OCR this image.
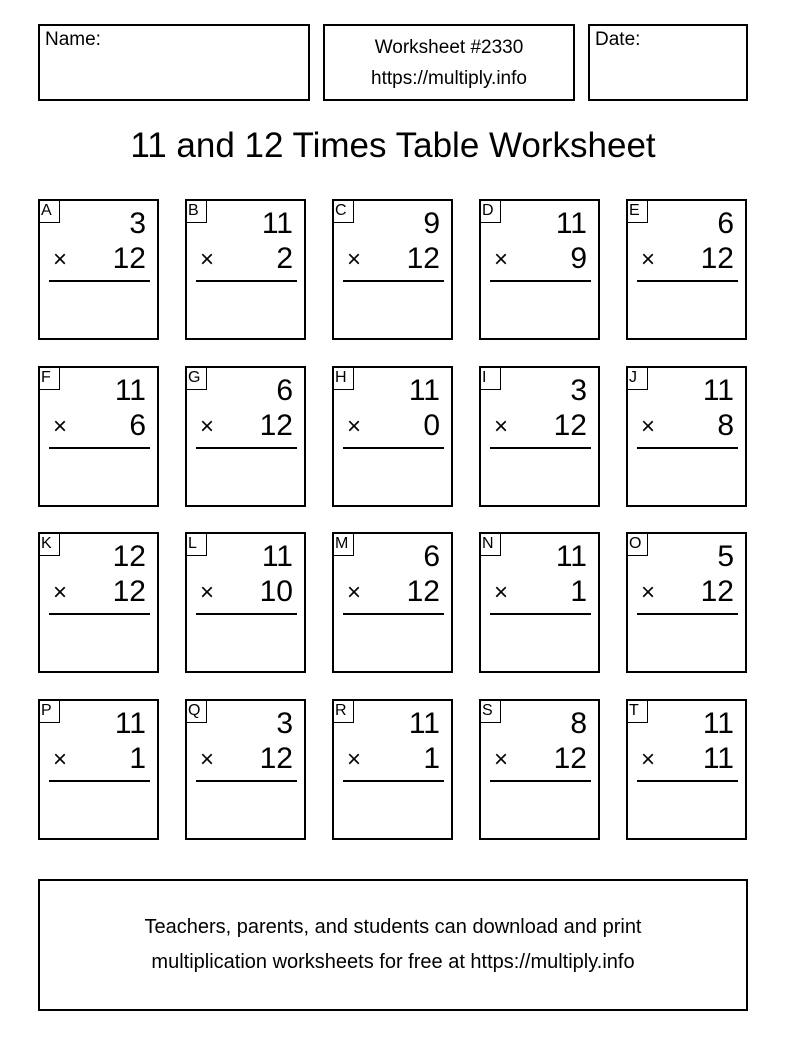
Name:	Worksheet #2330
https://multiply.info
Date:
11 and 12 Times Table Worksheet
A	3
× 12
B 11
× 2
C	9
× 12
D 11
× 9
E	6
× 12
F	11
× 6
G	6
× 12
H 11
× 0
I	3
× 12
J	11
× 8
K 12
× 12
L	11
× 10
M 6
× 12
N 11
× 1
O	5
× 12
P 11
× 1
Q	3
× 12
R 11
× 1
S	8
× 12
T	11
× 11
Teachers, parents, and students can download and print
multiplication worksheets for free at https://multiply.info
